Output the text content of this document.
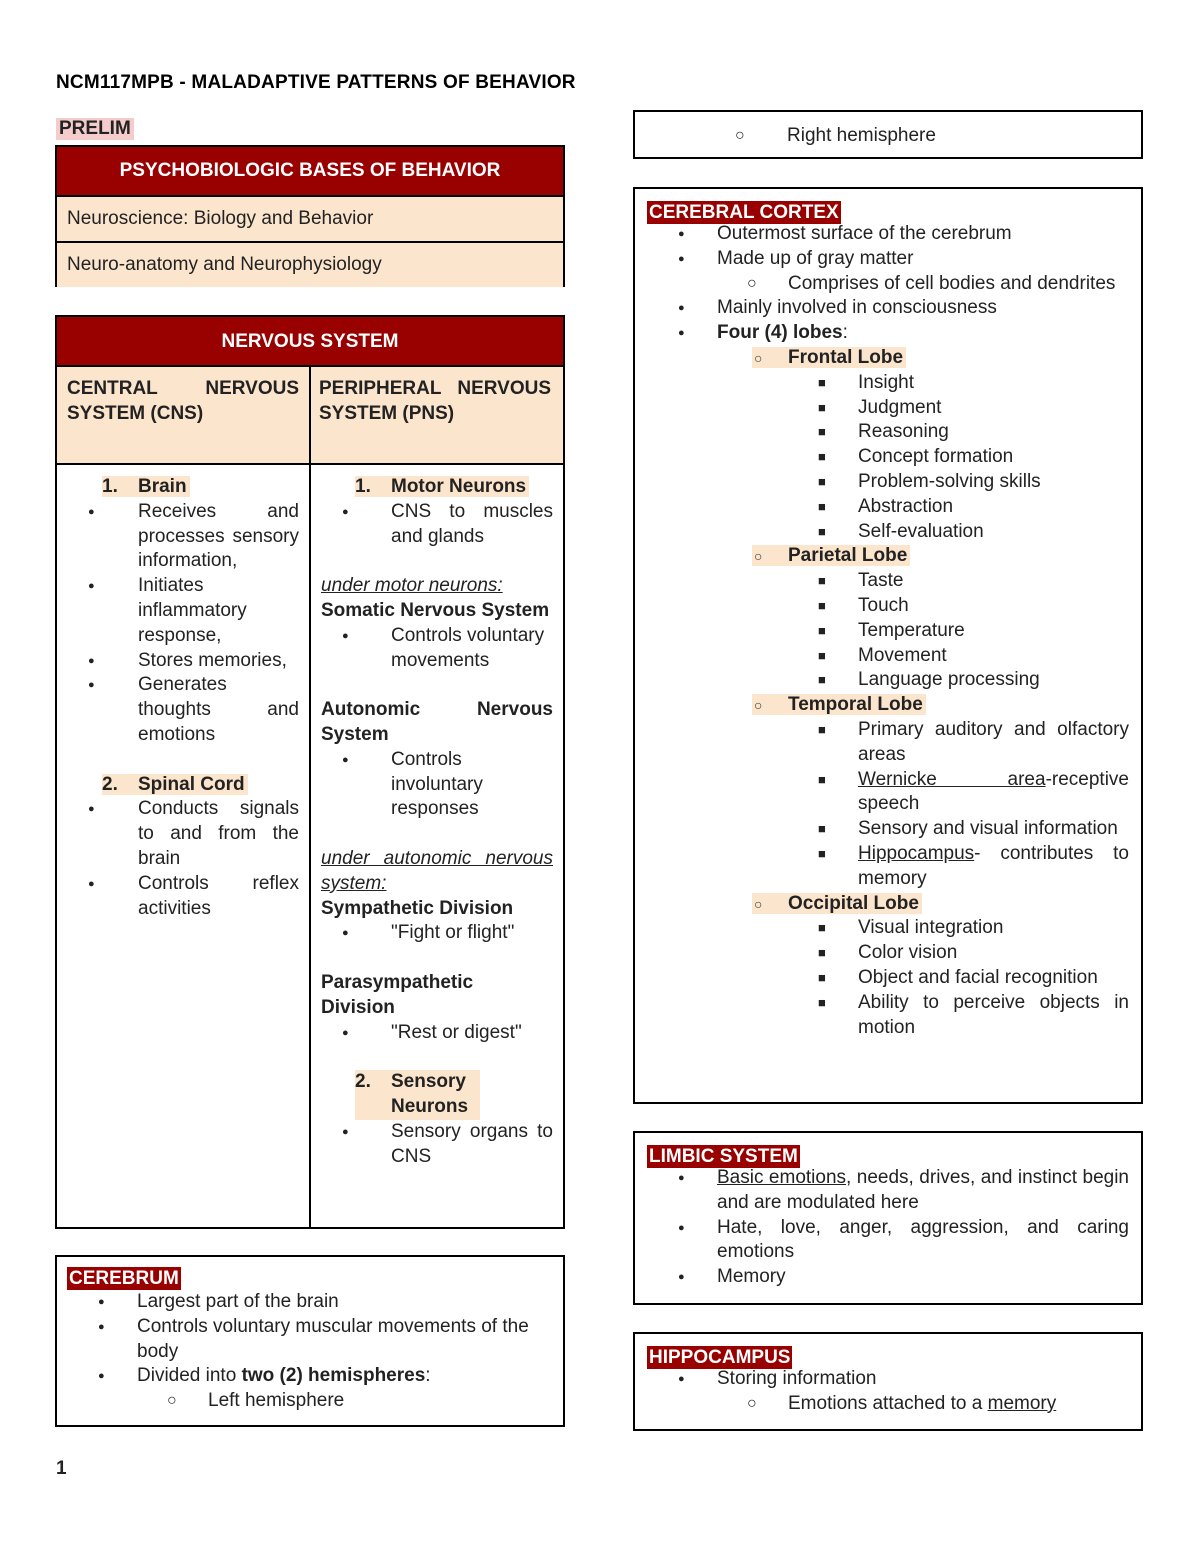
NCM117MPB - MALADAPTIVE PATTERNS OF BEHAVIOR
PRELIM
PSYCHOBIOLOGIC BASES OF BEHAVIOR
Neuroscience: Biology and Behavior
Neuro-anatomy and Neurophysiology
NERVOUS SYSTEM
CENTRAL NERVOUS SYSTEM (CNS)
PERIPHERAL NERVOUS SYSTEM (PNS)
1. Brain
● Receives and processes sensory information,
● Initiates inflammatory response,
● Stores memories,
● Generates thoughts and emotions
2. Spinal Cord
● Conducts signals to and from the brain
● Controls reflex activities
1. Motor Neurons
● CNS to muscles and glands
under motor neurons:
Somatic Nervous System
● Controls voluntary movements
Autonomic Nervous System
● Controls involuntary responses
under autonomic nervous system:
Sympathetic Division
● "Fight or flight"
Parasympathetic Division
● "Rest or digest"
2.	Sensory Neurons
● Sensory organs to CNS
CEREBRUM
● Largest part of the brain
● Controls voluntary muscular movements of the body
● Divided into two (2) hemispheres:
○ Left hemisphere
○ Right hemisphere
CEREBRAL CORTEX
● Outermost surface of the cerebrum
● Made up of gray matter
○ Comprises of cell bodies and dendrites
● Mainly involved in consciousness
● Four (4) lobes:
Frontal Lobe
○
■ Insight
■ Judgment
■ Reasoning
■ Concept formation
■ Problem-solving skills
■ Abstraction
■ Self-evaluation
Parietal Lobe
○
■ Taste
■ Touch
■ Temperature
■ Movement
■ Language processing
Temporal Lobe
○
■ Primary auditory and olfactory areas
■ Wernicke area-receptive speech
■ Sensory and visual information
■ Hippocampus- contributes to memory
Occipital Lobe
○
■ Visual integration
■ Color vision
■ Object and facial recognition
■ Ability to perceive objects in motion
LIMBIC SYSTEM
● Basic emotions, needs, drives, and instinct begin and are modulated here
● Hate, love, anger, aggression, and caring emotions
● Memory
HIPPOCAMPUS
● Storing information
○ Emotions attached to a memory
1
